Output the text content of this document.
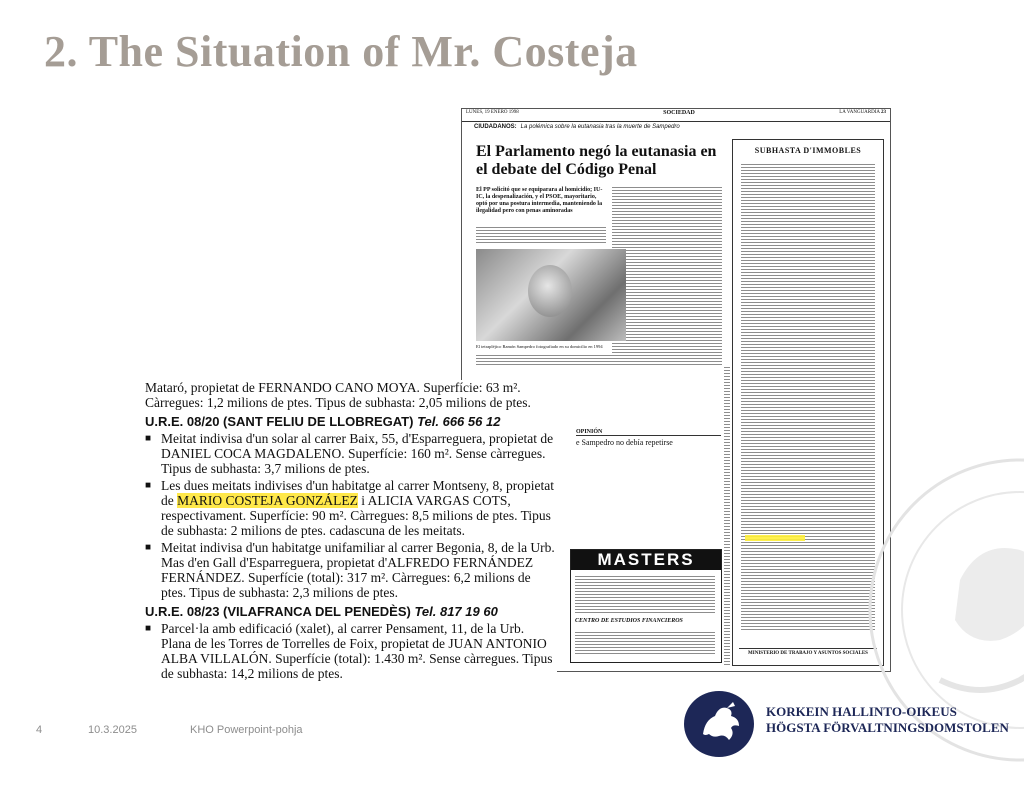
2. The Situation of Mr. Costeja
LUNES, 19 ENERO 1998	SOCIEDAD	LA VANGUARDIA 23
CIUDADANOS: La polémica sobre la eutanasia tras la muerte de Sampedro
El Parlamento negó la eutanasia en el debate del Código Penal
El PP solicitó que se equiparara al homicidio; IU-IC, la despenalización, y el PSOE, mayoritario, optó por una postura intermedia, manteniendo la ilegalidad pero con penas aminoradas
El tetrapléjico Ramón Sampedro fotografiado en su domicilio en 1994
OPINIÓN
e Sampedro no debía repetirse
MASTERS
CENTRO DE ESTUDIOS FINANCIEROS
SUBHASTA D'IMMOBLES
MINISTERIO DE TRABAJO Y ASUNTOS SOCIALES

Mataró, propietat de FERNANDO CANO MOYA. Superfície: 63 m². Càrregues: 1,2 milions de ptes. Tipus de subhasta: 2,05 milions de ptes.

U.R.E. 08/20 (SANT FELIU DE LLOBREGAT) Tel. 666 56 12

■ Meitat indivisa d'un solar al carrer Baix, 55, d'Esparreguera, propietat de DANIEL COCA MAGDALENO. Superfície: 160 m². Sense càrregues. Tipus de subhasta: 3,7 milions de ptes.

■ Les dues meitats indivises d'un habitatge al carrer Montseny, 8, propietat de MARIO COSTEJA GONZÁLEZ i ALICIA VARGAS COTS, respectivament. Superfície: 90 m². Càrregues: 8,5 milions de ptes. Tipus de subhasta: 2 milions de ptes. cadascuna de les meitats.

■ Meitat indivisa d'un habitatge unifamiliar al carrer Begonia, 8, de la Urb. Mas d'en Gall d'Esparreguera, propietat d'ALFREDO FERNÁNDEZ FERNÁNDEZ. Superfície (total): 317 m². Càrregues: 6,2 milions de ptes. Tipus de subhasta: 2,3 milions de ptes.

U.R.E. 08/23 (VILAFRANCA DEL PENEDÈS) Tel. 817 19 60

■ Parcel·la amb edificació (xalet), al carrer Pensament, 11, de la Urb. Plana de les Torres de Torrelles de Foix, propietat de JUAN ANTONIO ALBA VILLALÓN. Superfície (total): 1.430 m². Sense càrregues. Tipus de subhasta: 14,2 milions de ptes.

4	10.3.2025	KHO Powerpoint-pohja
KORKEIN HALLINTO-OIKEUS
HÖGSTA FÖRVALTNINGSDOMSTOLEN
